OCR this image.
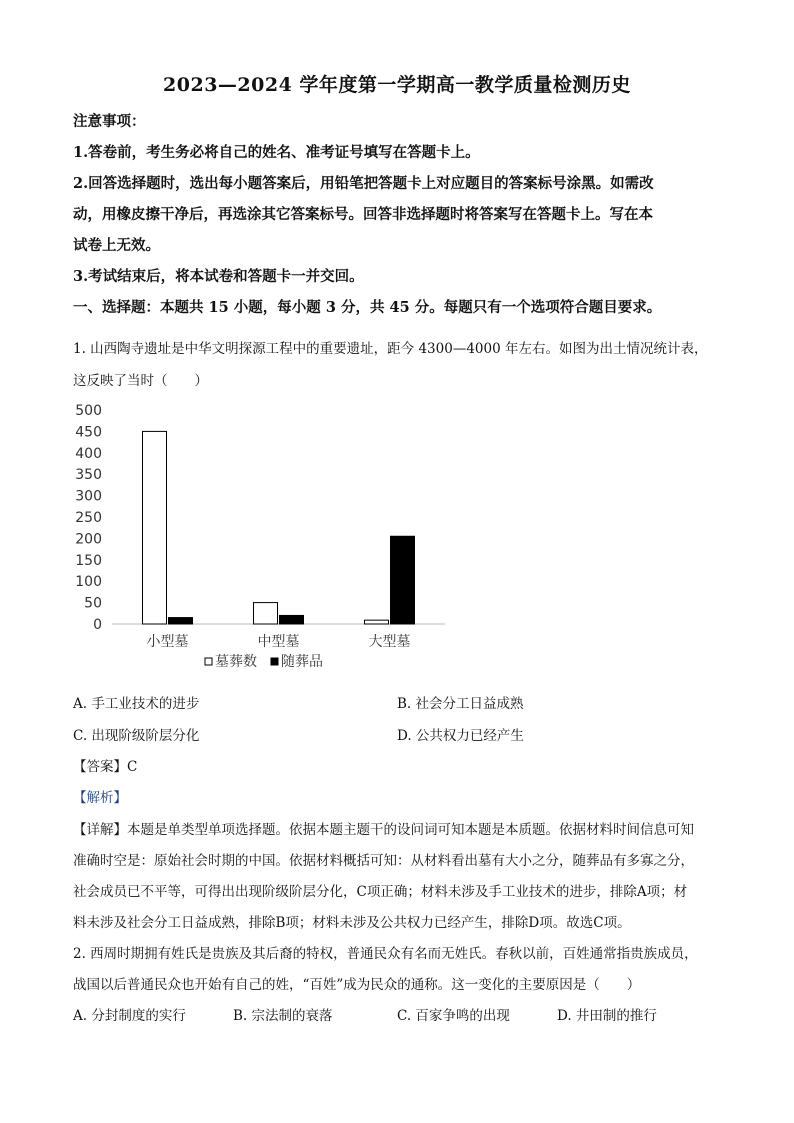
2023—2024 学年度第一学期高一教学质量检测历史
注意事项：
1.答卷前，考生务必将自己的姓名、准考证号填写在答题卡上。
2.回答选择题时，选出每小题答案后，用铅笔把答题卡上对应题目的答案标号涂黑。如需改
动，用橡皮擦干净后，再选涂其它答案标号。回答非选择题时将答案写在答题卡上。写在本
试卷上无效。
3.考试结束后，将本试卷和答题卡一并交回。
一、选择题：本题共 15 小题，每小题 3 分，共 45 分。每题只有一个选项符合题目要求。
1. 山西陶寺遗址是中华文明探源工程中的重要遗址，距今 4300—4000 年左右。如图为出土情况统计表，
这反映了当时（　　）
500
450
400
350
300
250
200
150
100
50
0
小型墓	中型墓	大型墓
墓葬数 随葬品
A. 手工业技术的进步	B. 社会分工日益成熟
C. 出现阶级阶层分化	D. 公共权力已经产生
【答案】C
【解析】
【详解】本题是单类型单项选择题。依据本题主题干的设问词可知本题是本质题。依据材料时间信息可知
准确时空是：原始社会时期的中国。依据材料概括可知：从材料看出墓有大小之分，随葬品有多寡之分，
社会成员已不平等，可得出出现阶级阶层分化，C项正确；材料未涉及手工业技术的进步，排除A项；材
料未涉及社会分工日益成熟，排除B项；材料未涉及公共权力已经产生，排除D项。故选C项。
2. 西周时期拥有姓氏是贵族及其后裔的特权，普通民众有名而无姓氏。春秋以前，百姓通常指贵族成员，
战国以后普通民众也开始有自己的姓，“百姓”成为民众的通称。这一变化的主要原因是（　　）
A. 分封制度的实行	B. 宗法制的衰落	C. 百家争鸣的出现	D. 井田制的推行
